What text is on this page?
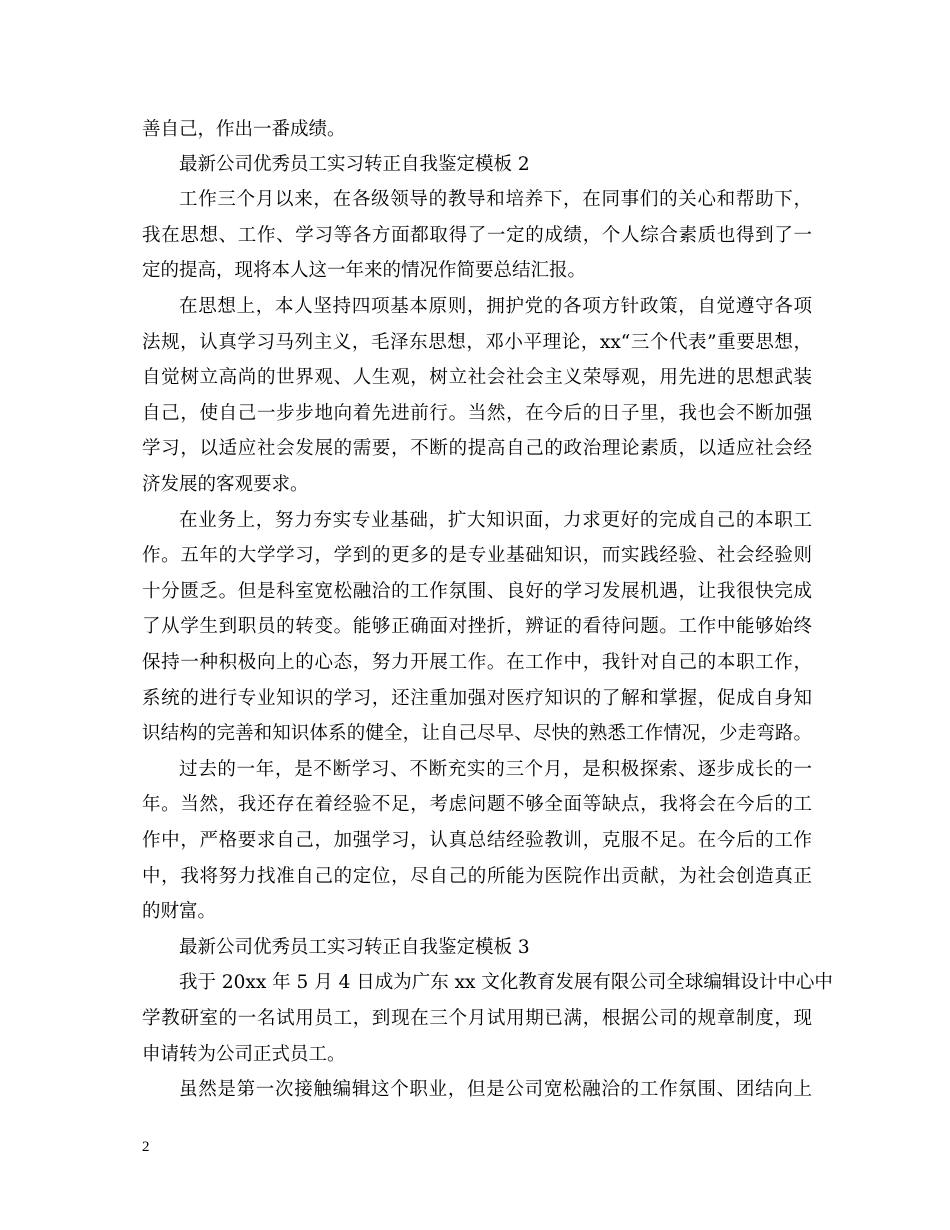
善自己，作出一番成绩。
最新公司优秀员工实习转正自我鉴定模板 2
工作三个月以来，在各级领导的教导和培养下，在同事们的关心和帮助下，
我在思想、工作、学习等各方面都取得了一定的成绩，个人综合素质也得到了一
定的提高，现将本人这一年来的情况作简要总结汇报。
在思想上，本人坚持四项基本原则，拥护党的各项方针政策，自觉遵守各项
法规，认真学习马列主义，毛泽东思想，邓小平理论，xx“三个代表”重要思想，
自觉树立高尚的世界观、人生观，树立社会社会主义荣辱观，用先进的思想武装
自己，使自己一步步地向着先进前行。当然，在今后的日子里，我也会不断加强
学习，以适应社会发展的需要，不断的提高自己的政治理论素质，以适应社会经
济发展的客观要求。
在业务上，努力夯实专业基础，扩大知识面，力求更好的完成自己的本职工
作。五年的大学学习，学到的更多的是专业基础知识，而实践经验、社会经验则
十分匮乏。但是科室宽松融洽的工作氛围、良好的学习发展机遇，让我很快完成
了从学生到职员的转变。能够正确面对挫折，辨证的看待问题。工作中能够始终
保持一种积极向上的心态，努力开展工作。在工作中，我针对自己的本职工作，
系统的进行专业知识的学习，还注重加强对医疗知识的了解和掌握，促成自身知
识结构的完善和知识体系的健全，让自己尽早、尽快的熟悉工作情况，少走弯路。
过去的一年，是不断学习、不断充实的三个月，是积极探索、逐步成长的一
年。当然，我还存在着经验不足，考虑问题不够全面等缺点，我将会在今后的工
作中，严格要求自己，加强学习，认真总结经验教训，克服不足。在今后的工作
中，我将努力找准自己的定位，尽自己的所能为医院作出贡献，为社会创造真正
的财富。
最新公司优秀员工实习转正自我鉴定模板 3
我于 20xx 年 5 月 4 日成为广东 xx 文化教育发展有限公司全球编辑设计中心中
学教研室的一名试用员工，到现在三个月试用期已满，根据公司的规章制度，现
申请转为公司正式员工。
虽然是第一次接触编辑这个职业，但是公司宽松融洽的工作氛围、团结向上
2
